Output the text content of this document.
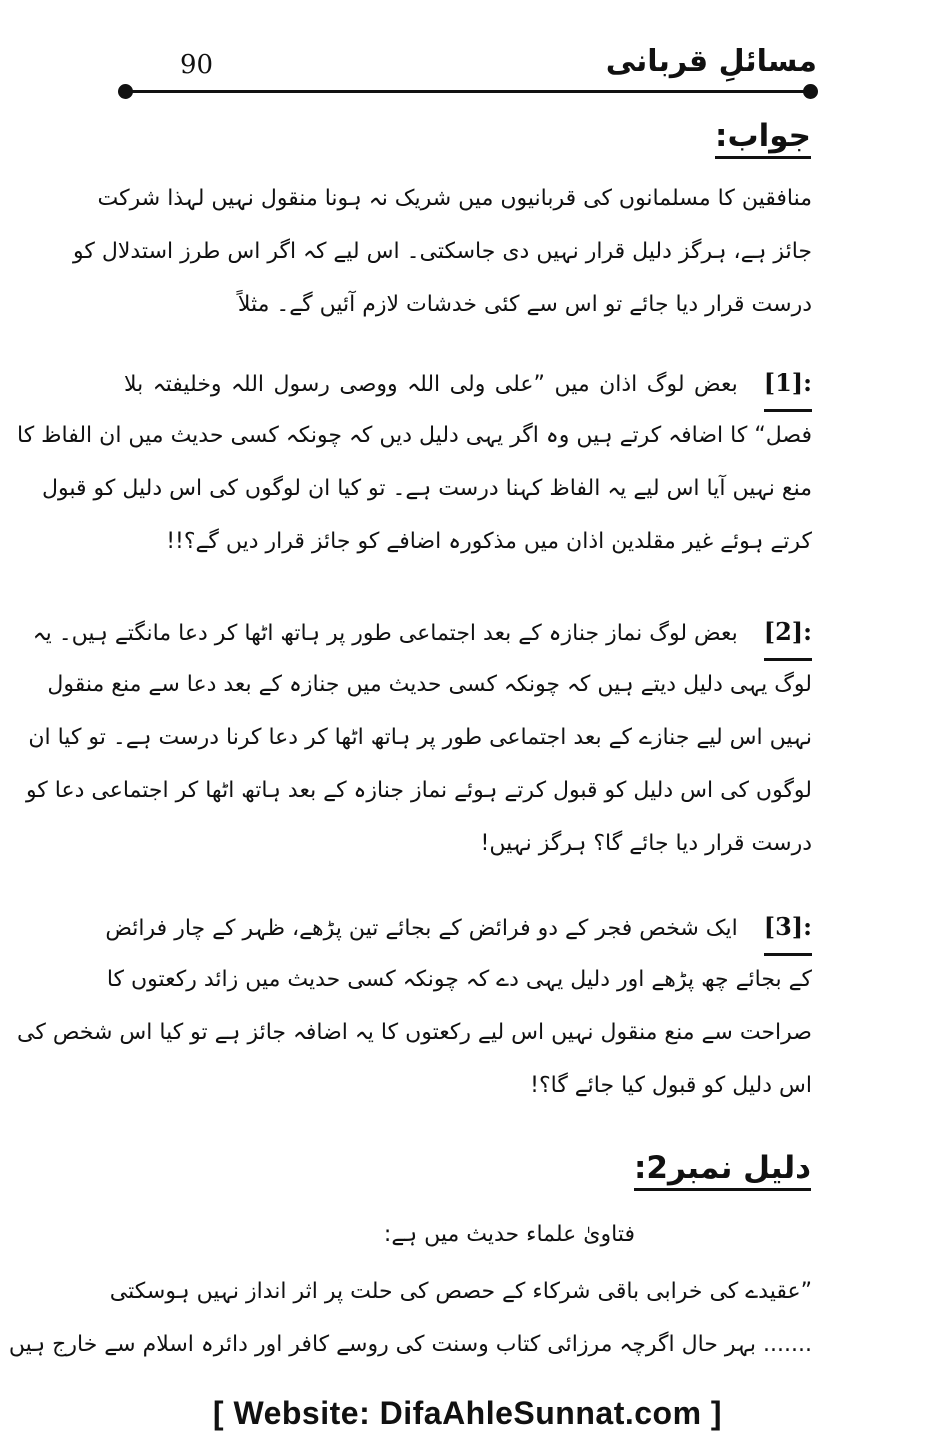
مسائلِ قربانی
90
جواب:
منافقین کا مسلمانوں کی قربانیوں میں شریک نہ ہونا منقول نہیں لہذا شرکت
جائز ہے، ہرگز دلیل قرار نہیں دی جاسکتی۔ اس لیے کہ اگر اس طرز استدلال کو
درست قرار دیا جائے تو اس سے کئی خدشات لازم آئیں گے۔ مثلاً
[1]:بعض لوگ اذان میں ”علی ولی اللہ ووصی رسول اللہ وخلیفتہ بلا
فصل“ کا اضافہ کرتے ہیں وہ اگر یہی دلیل دیں کہ چونکہ کسی حدیث میں ان الفاظ کا
منع نہیں آیا اس لیے یہ الفاظ کہنا درست ہے۔ تو کیا ان لوگوں کی اس دلیل کو قبول
کرتے ہوئے غیر مقلدین اذان میں مذکورہ اضافے کو جائز قرار دیں گے؟!!
[2]:بعض لوگ نماز جنازہ کے بعد اجتماعی طور پر ہاتھ اٹھا کر دعا مانگتے ہیں۔ یہ
لوگ یہی دلیل دیتے ہیں کہ چونکہ کسی حدیث میں جنازہ کے بعد دعا سے منع منقول
نہیں اس لیے جنازے کے بعد اجتماعی طور پر ہاتھ اٹھا کر دعا کرنا درست ہے۔ تو کیا ان
لوگوں کی اس دلیل کو قبول کرتے ہوئے نماز جنازہ کے بعد ہاتھ اٹھا کر اجتماعی دعا کو
درست قرار دیا جائے گا؟ ہرگز نہیں!
[3]:ایک شخص فجر کے دو فرائض کے بجائے تین پڑھے، ظہر کے چار فرائض
کے بجائے چھ پڑھے اور دلیل یہی دے کہ چونکہ کسی حدیث میں زائد رکعتوں کا
صراحت سے منع منقول نہیں اس لیے رکعتوں کا یہ اضافہ جائز ہے تو کیا اس شخص کی
اس دلیل کو قبول کیا جائے گا؟!
دلیل نمبر2:
فتاویٰ علماء حدیث میں ہے:
”عقیدے کی خرابی باقی شرکاء کے حصص کی حلت پر اثر انداز نہیں ہوسکتی
....... بہر حال اگرچہ مرزائی کتاب وسنت کی روسے کافر اور دائرہ اسلام سے خارج ہیں
[ Website: DifaAhleSunnat.com ]
